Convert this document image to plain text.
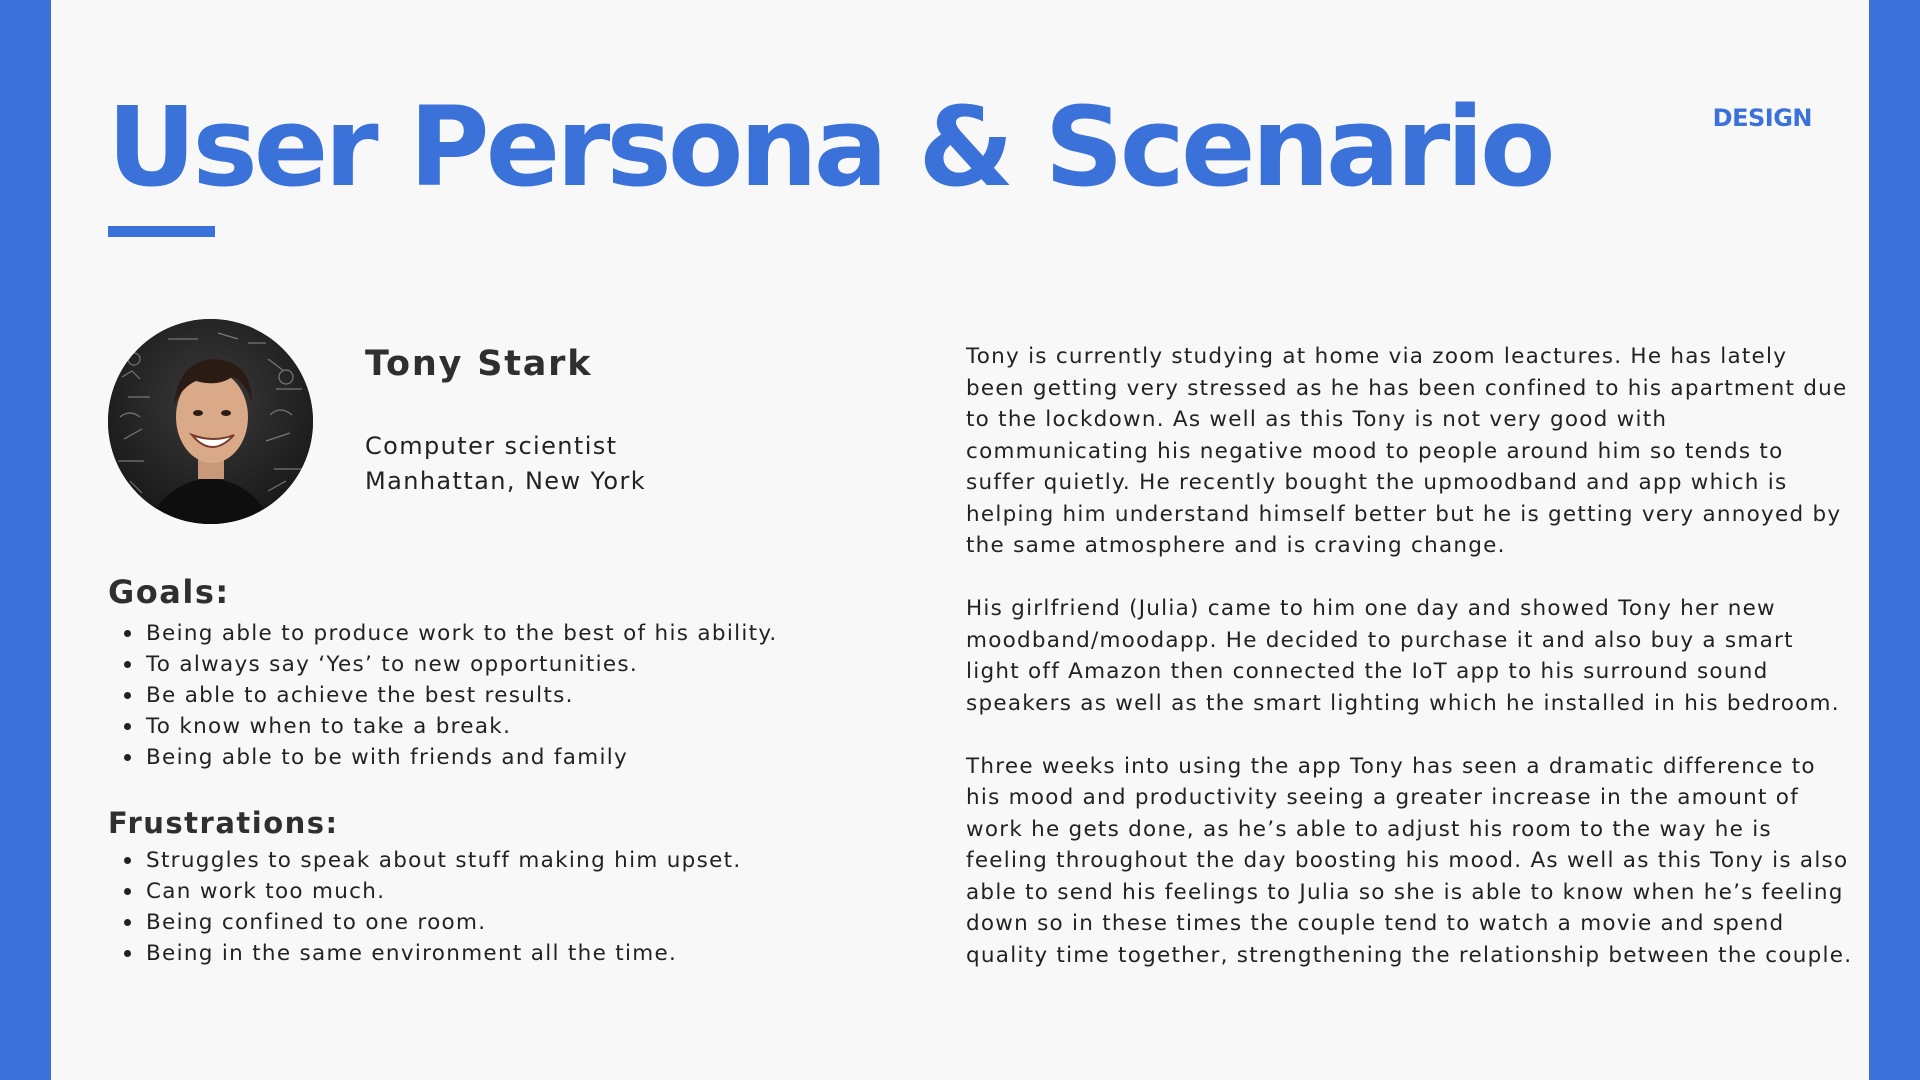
User Persona & Scenario	DESIGN
Tony Stark
Computer scientist
Manhattan, New York
Goals:
Being able to produce work to the best of his ability.
To always say ‘Yes’ to new opportunities.
Be able to achieve the best results.
To know when to take a break.
Being able to be with friends and family
Frustrations:
Struggles to speak about stuff making him upset.
Can work too much.
Being confined to one room.
Being in the same environment all the time.

Tony is currently studying at home via zoom leactures. He has lately
been getting very stressed as he has been confined to his apartment due
to the lockdown. As well as this Tony is not very good with
communicating his negative mood to people around him so tends to
suffer quietly. He recently bought the upmoodband and app which is
helping him understand himself better but he is getting very annoyed by
the same atmosphere and is craving change.

His girlfriend (Julia) came to him one day and showed Tony her new
moodband/moodapp. He decided to purchase it and also buy a smart
light off Amazon then connected the IoT app to his surround sound
speakers as well as the smart lighting which he installed in his bedroom.

Three weeks into using the app Tony has seen a dramatic difference to
his mood and productivity seeing a greater increase in the amount of
work he gets done, as he’s able to adjust his room to the way he is
feeling throughout the day boosting his mood. As well as this Tony is also
able to send his feelings to Julia so she is able to know when he’s feeling
down so in these times the couple tend to watch a movie and spend
quality time together, strengthening the relationship between the couple.
